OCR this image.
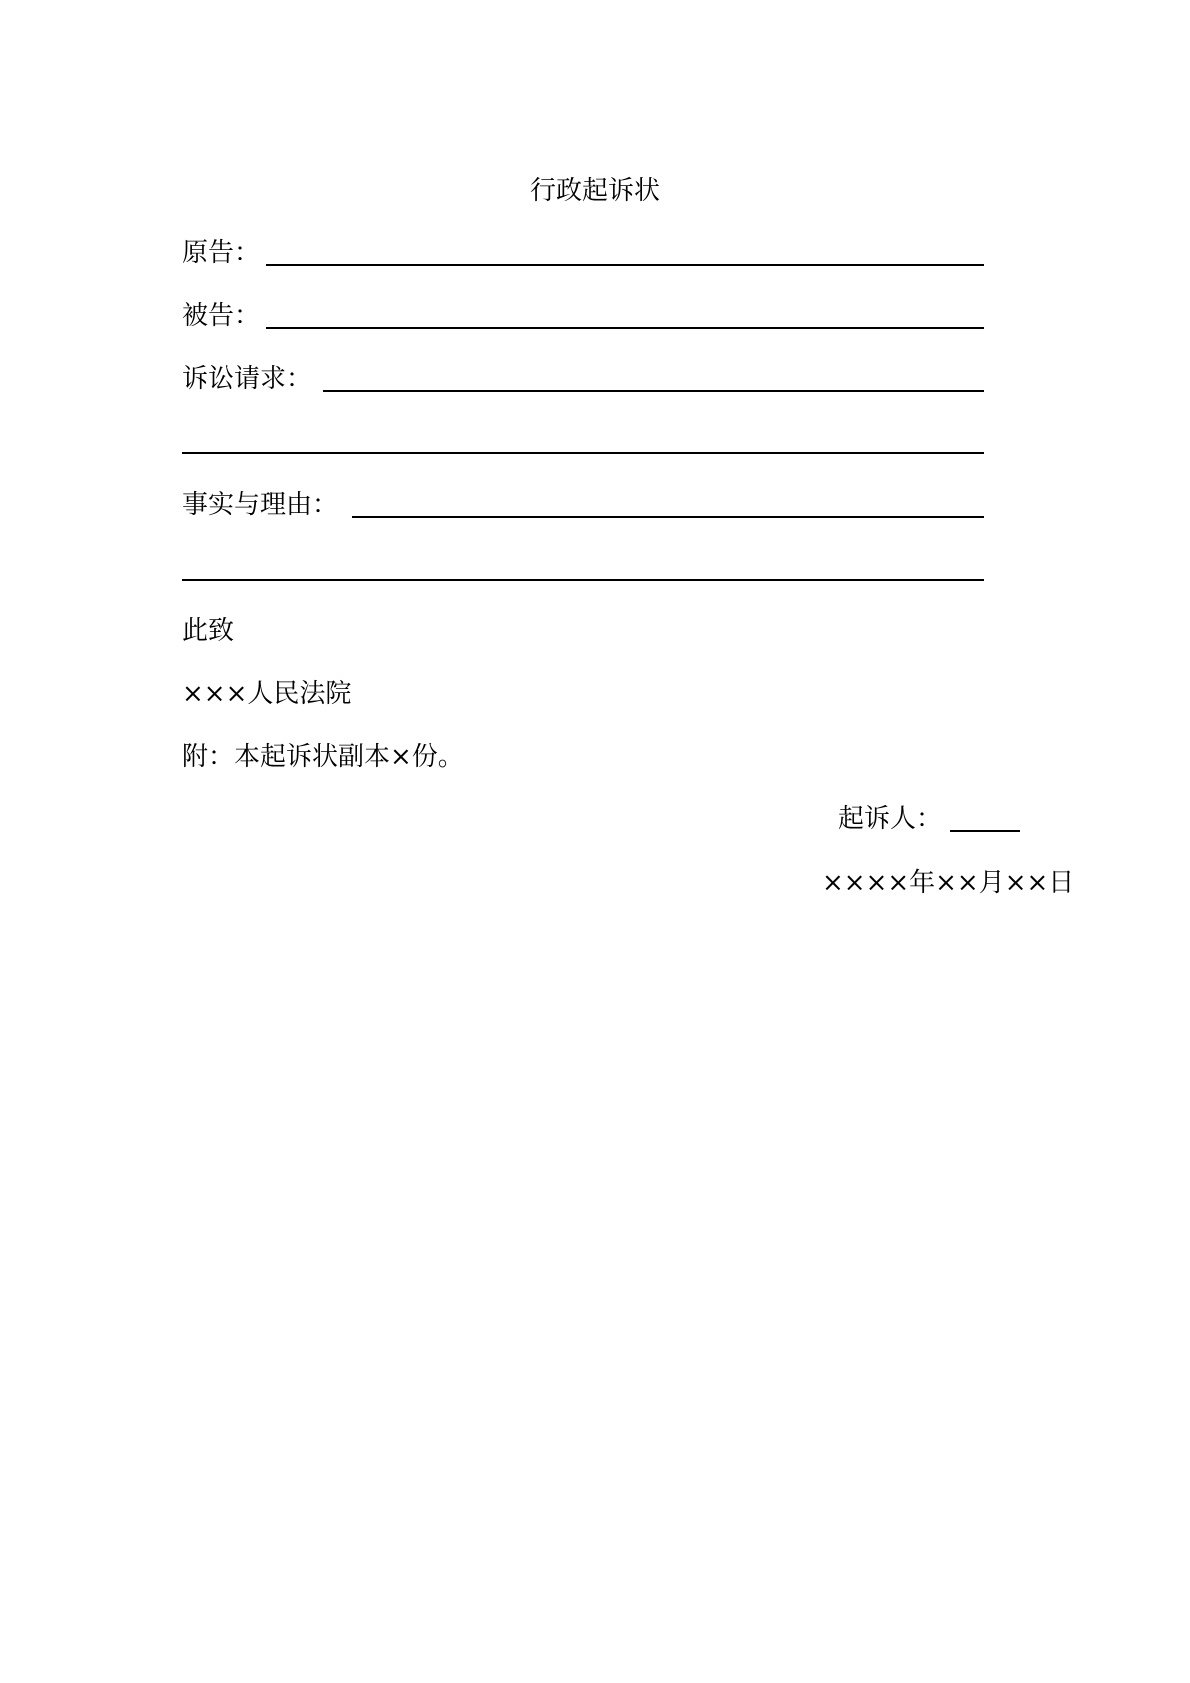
行政起诉状
原告：
被告：
诉讼请求：
事实与理由：
此致
×××人民法院
附：本起诉状副本×份。
起诉人：
××××年××月××日
